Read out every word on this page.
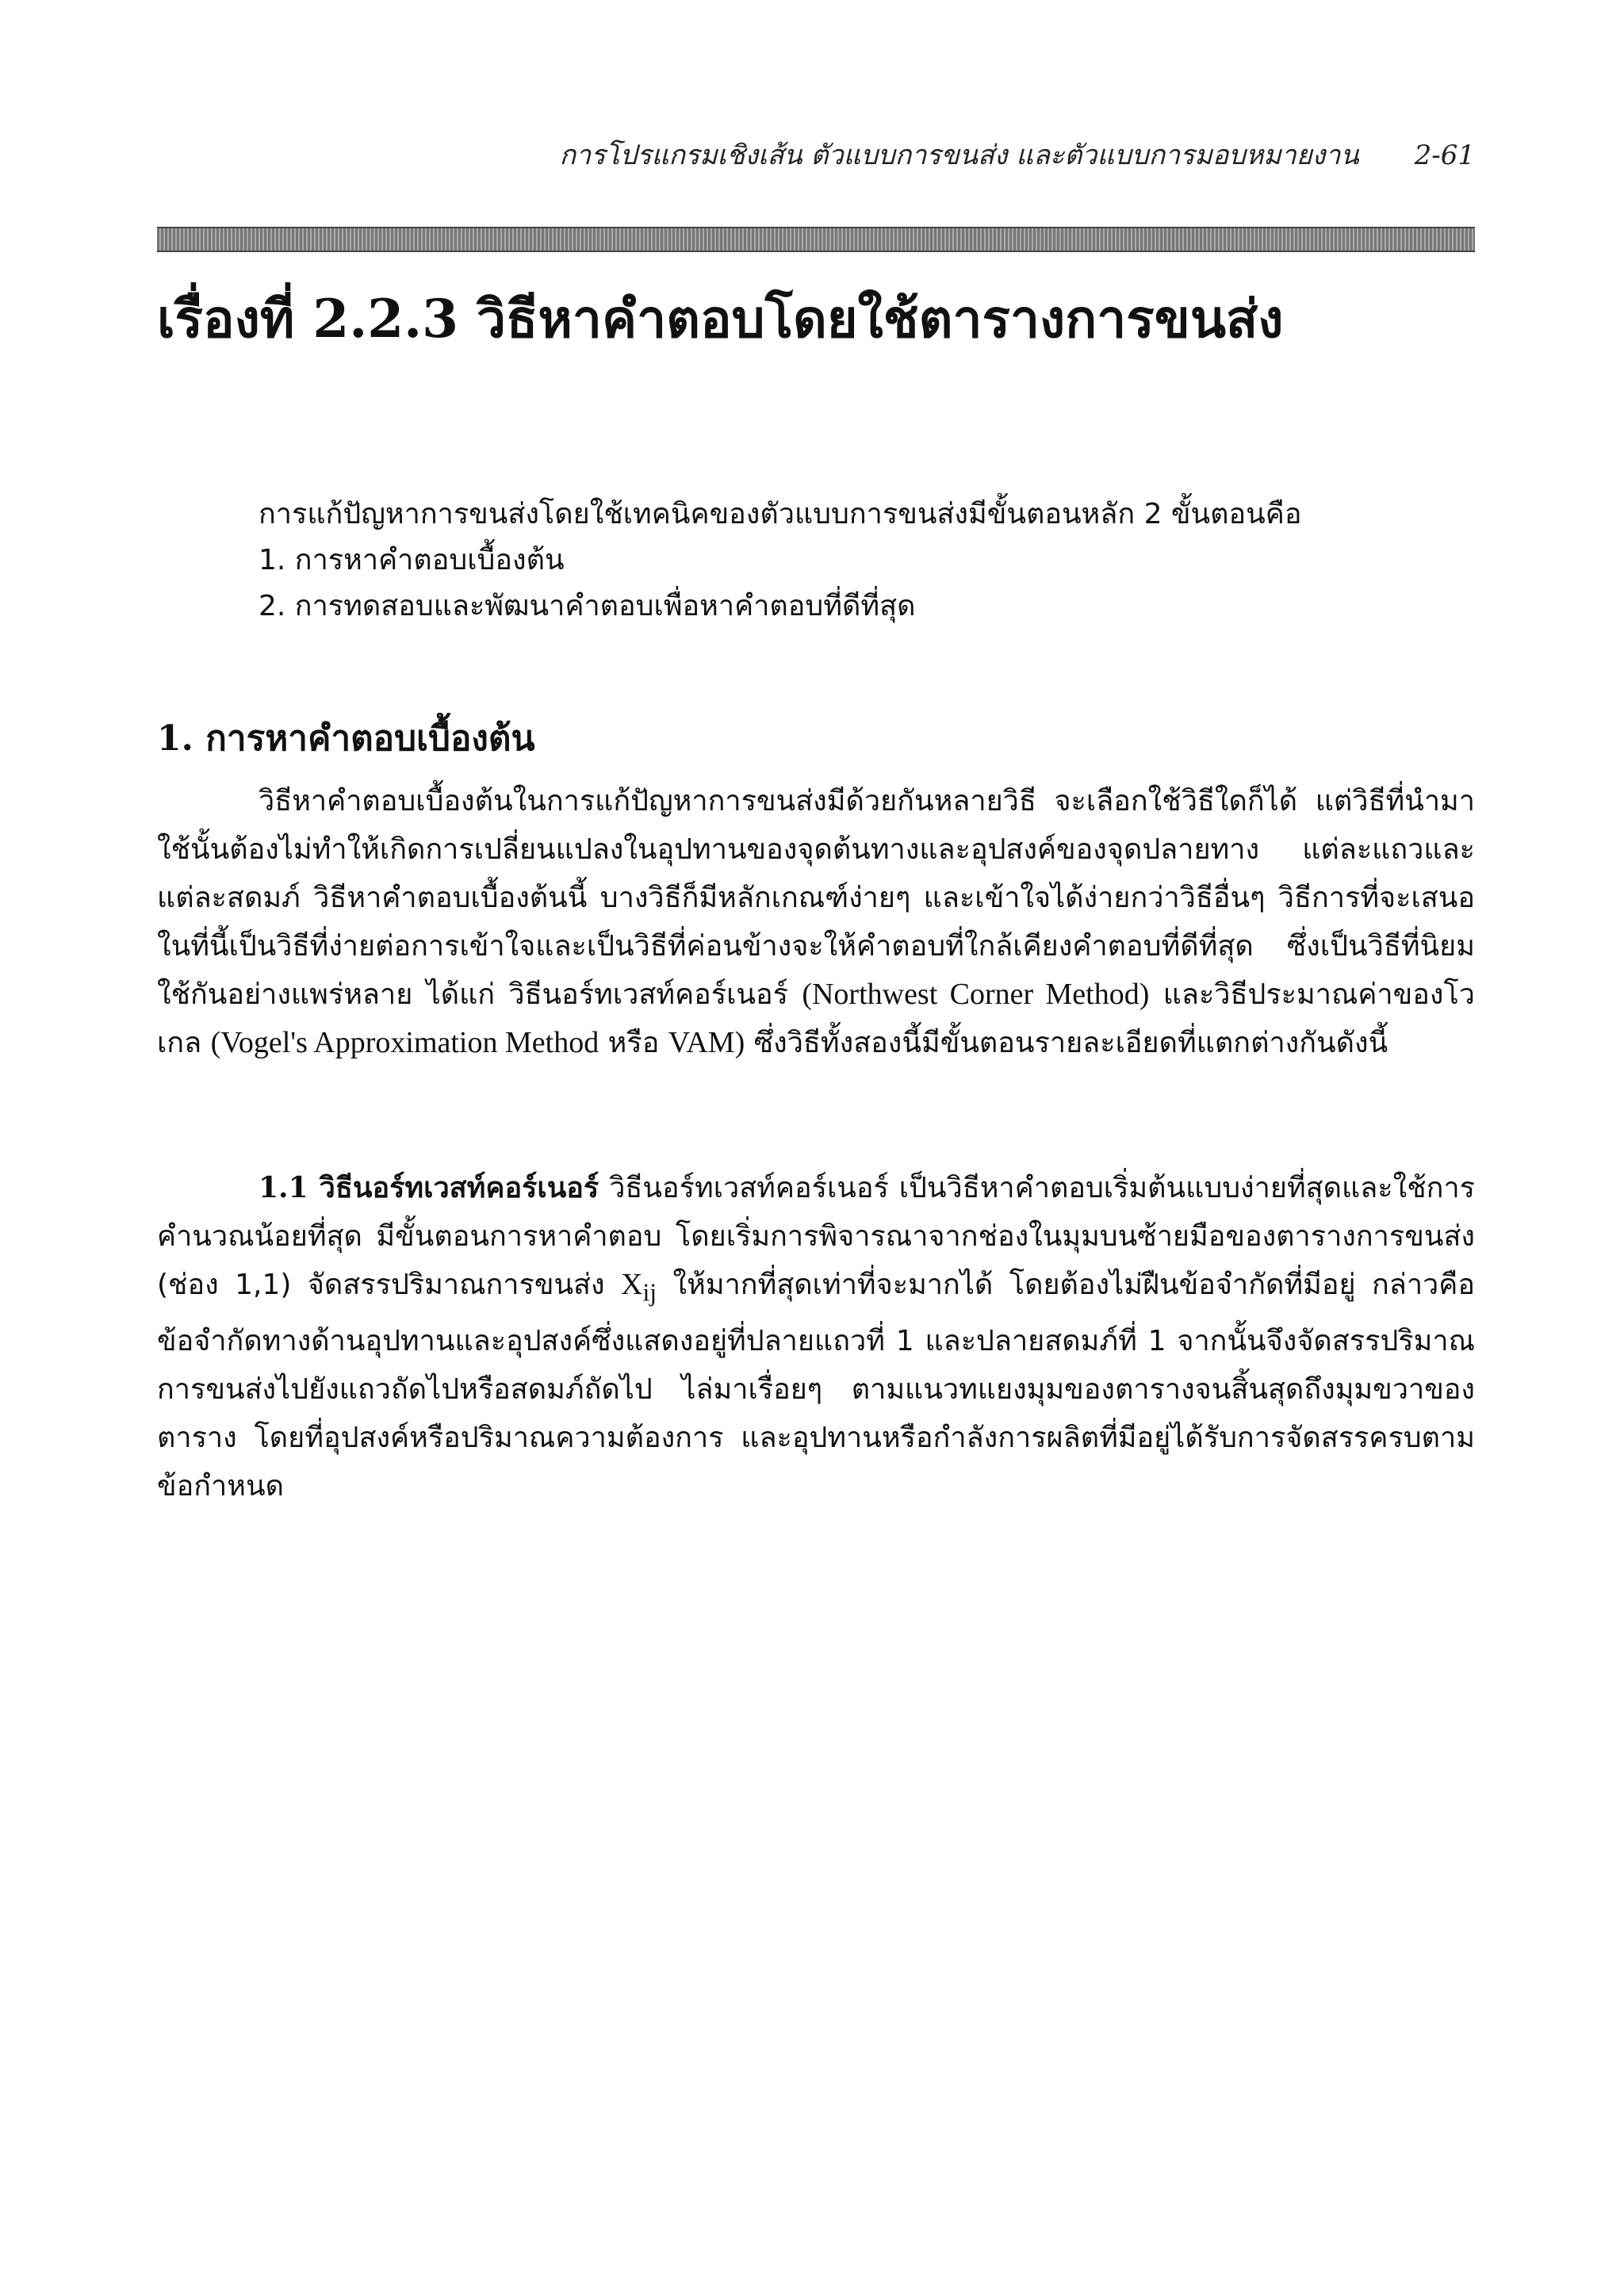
การโปรแกรมเชิงเส้น ตัวแบบการขนส่ง และตัวแบบการมอบหมายงาน 2-61
เรื่องที่ 2.2.3 วิธีหาคำตอบโดยใช้ตารางการขนส่ง
การแก้ปัญหาการขนส่งโดยใช้เทคนิคของตัวแบบการขนส่งมีขั้นตอนหลัก 2 ขั้นตอนคือ
1. การหาคำตอบเบื้องต้น
2. การทดสอบและพัฒนาคำตอบเพื่อหาคำตอบที่ดีที่สุด
1. การหาคำตอบเบื้องต้น
วิธีหาคำตอบเบื้องต้นในการแก้ปัญหาการขนส่งมีด้วยกันหลายวิธี จะเลือกใช้วิธีใดก็ได้ แต่วิธีที่นำมาใช้นั้นต้องไม่ทำให้เกิดการเปลี่ยนแปลงในอุปทานของจุดต้นทางและอุปสงค์ของจุดปลายทาง แต่ละแถวและแต่ละสดมภ์ วิธีหาคำตอบเบื้องต้นนี้ บางวิธีก็มีหลักเกณฑ์ง่ายๆ และเข้าใจได้ง่ายกว่าวิธีอื่นๆ วิธีการที่จะเสนอในที่นี้เป็นวิธีที่ง่ายต่อการเข้าใจและเป็นวิธีที่ค่อนข้างจะให้คำตอบที่ใกล้เคียงคำตอบที่ดีที่สุด ซึ่งเป็นวิธีที่นิยมใช้กันอย่างแพร่หลาย ได้แก่ วิธีนอร์ทเวสท์คอร์เนอร์ (Northwest Corner Method) และวิธีประมาณค่าของโวเกล (Vogel's Approximation Method หรือ VAM) ซึ่งวิธีทั้งสองนี้มีขั้นตอนรายละเอียดที่แตกต่างกันดังนี้
1.1 วิธีนอร์ทเวสท์คอร์เนอร์ วิธีนอร์ทเวสท์คอร์เนอร์ เป็นวิธีหาคำตอบเริ่มต้นแบบง่ายที่สุดและใช้การคำนวณน้อยที่สุด มีขั้นตอนการหาคำตอบ โดยเริ่มการพิจารณาจากช่องในมุมบนซ้ายมือของตารางการขนส่ง (ช่อง 1,1) จัดสรรปริมาณการขนส่ง $X_{ij}$ ให้มากที่สุดเท่าที่จะมากได้ โดยต้องไม่ฝืนข้อจำกัดที่มีอยู่ กล่าวคือ ข้อจำกัดทางด้านอุปทานและอุปสงค์ซึ่งแสดงอยู่ที่ปลายแถวที่ 1 และปลายสดมภ์ที่ 1 จากนั้นจึงจัดสรรปริมาณการขนส่งไปยังแถวถัดไปหรือสดมภ์ถัดไป ไล่มาเรื่อยๆ ตามแนวทแยงมุมของตารางจนสิ้นสุดถึงมุมขวาของตาราง โดยที่อุปสงค์หรือปริมาณความต้องการ และอุปทานหรือกำลังการผลิตที่มีอยู่ได้รับการจัดสรรครบตามข้อกำหนด
